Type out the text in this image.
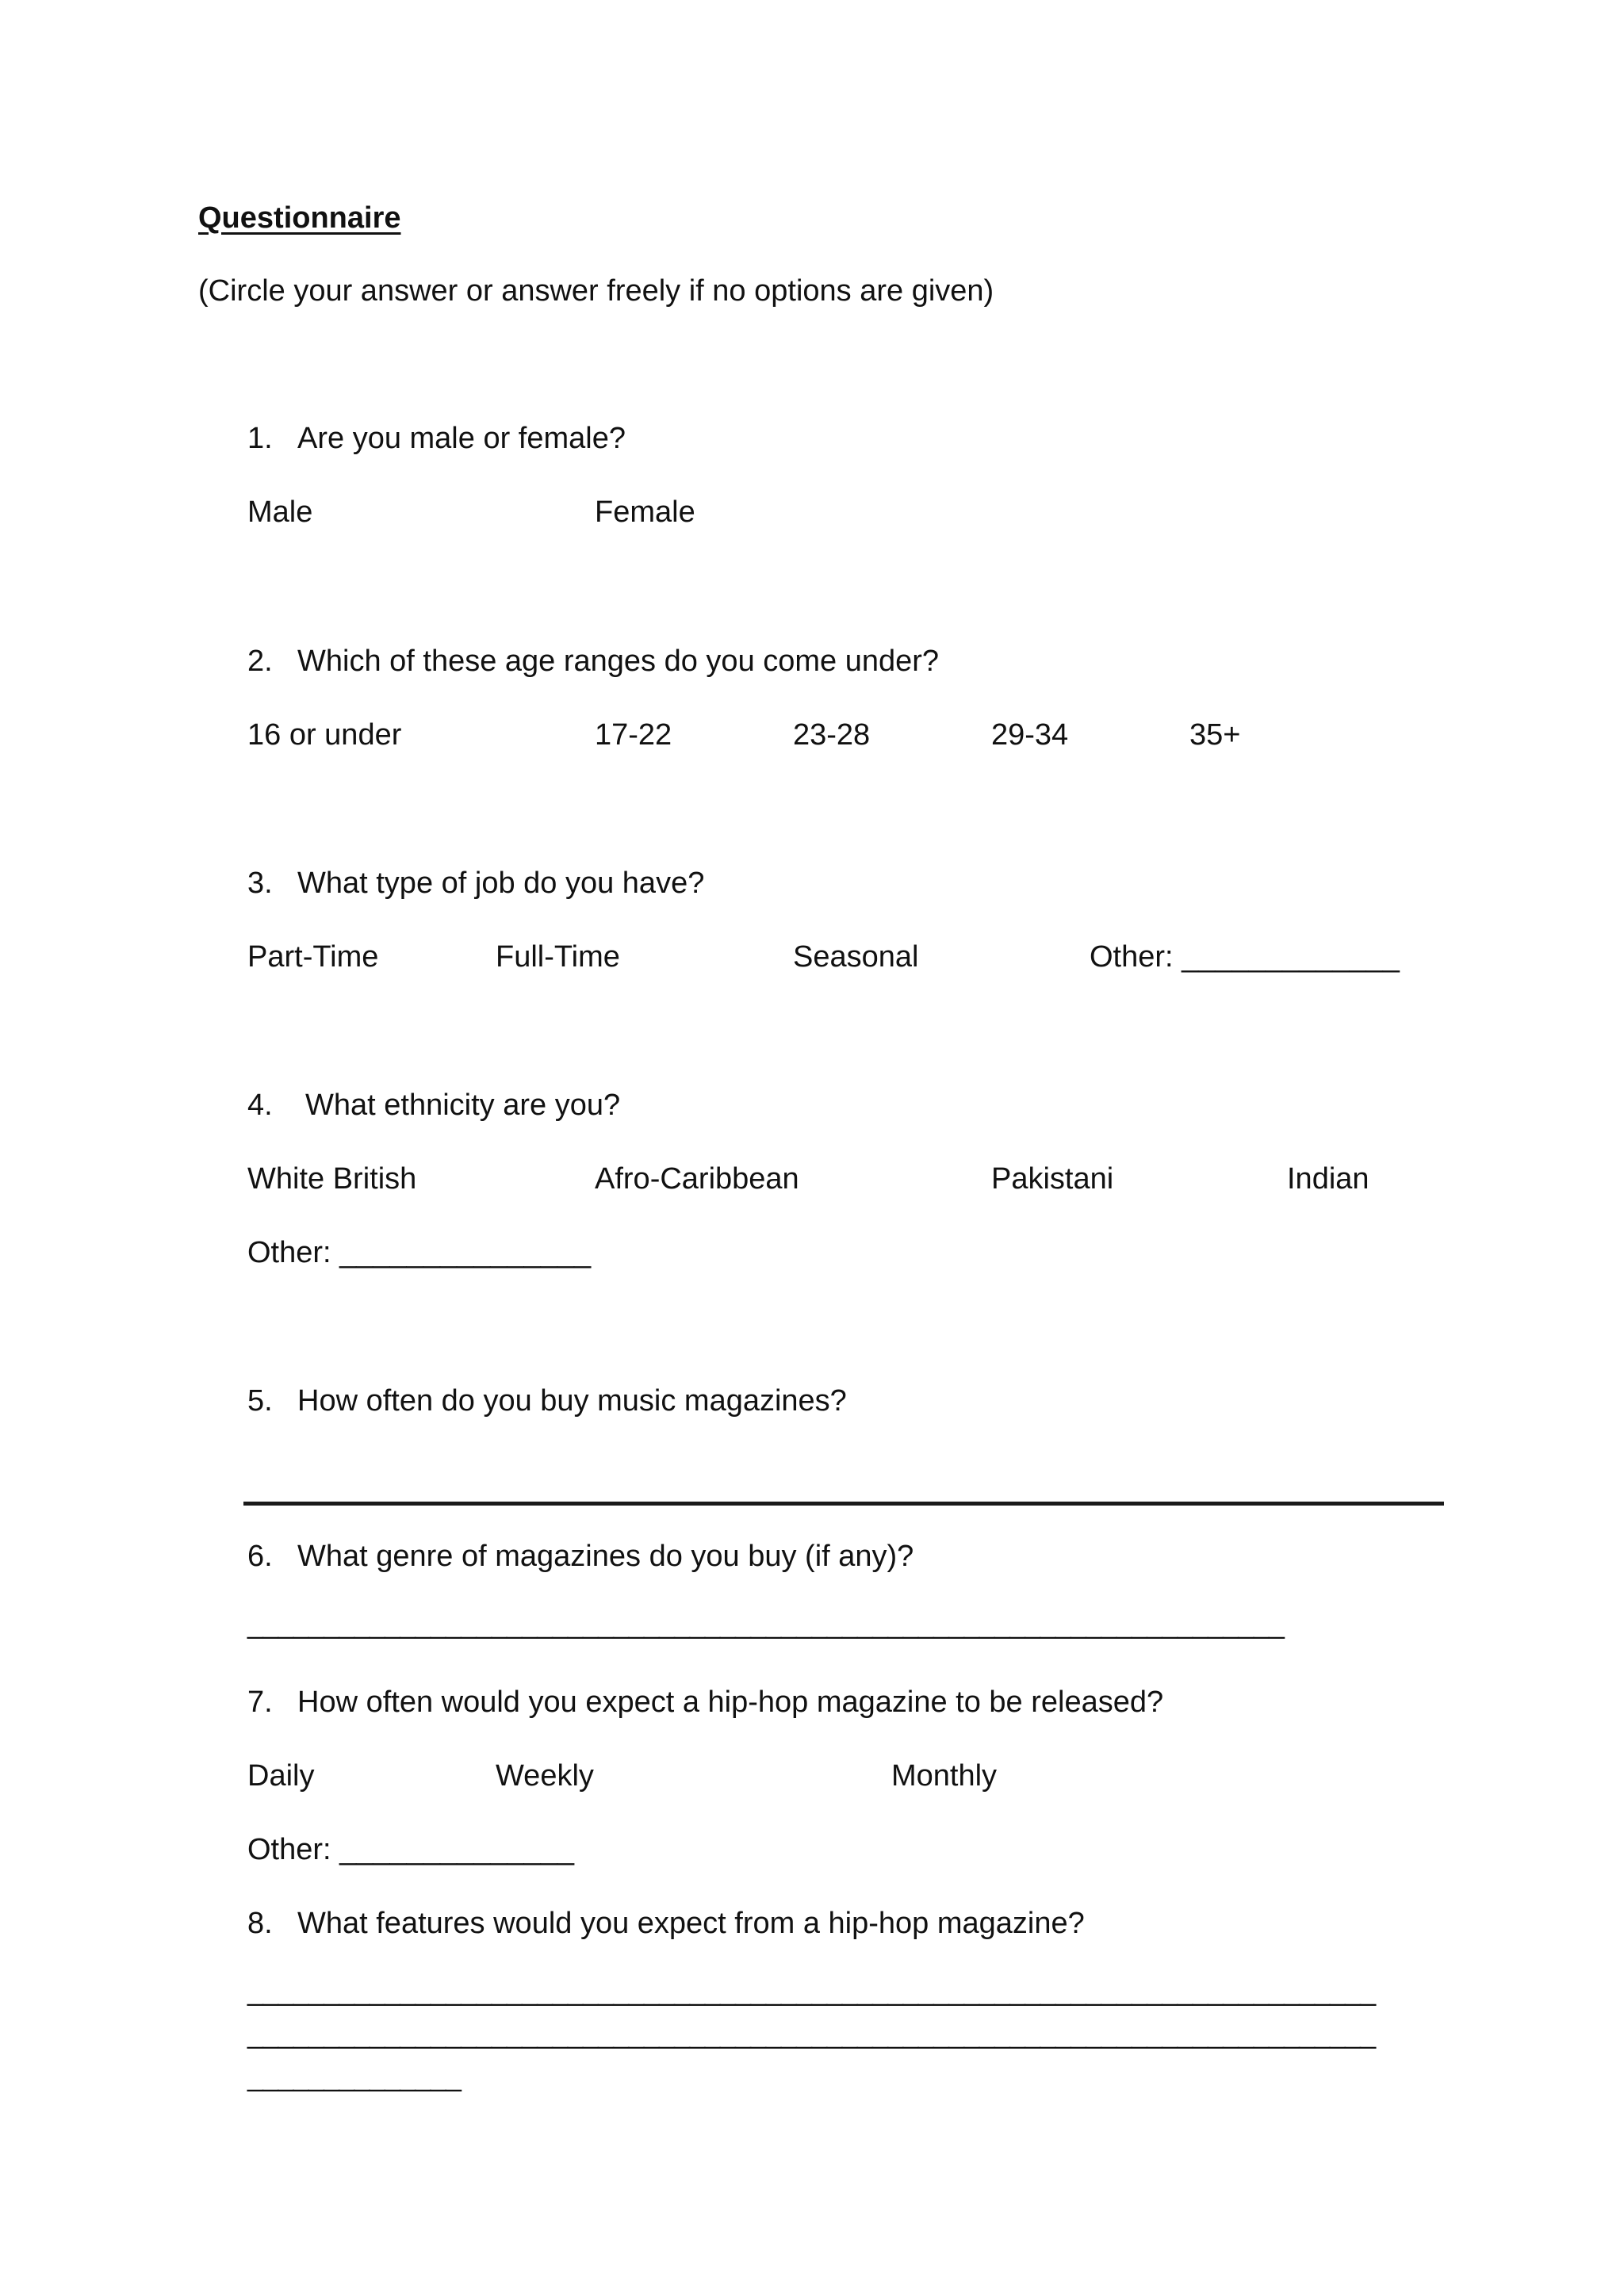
Questionnaire
(Circle your answer or answer freely if no options are given)
1. Are you male or female?
Male	Female
2. Which of these age ranges do you come under?
16 or under	17-22	23-28	29-34	35+
3. What type of job do you have?
Part-Time	Full-Time	Seasonal	Other: _____________
4. What ethnicity are you?
White British	Afro-Caribbean	Pakistani	Indian
Other: _______________
5. How often do you buy music magazines?
6. What genre of magazines do you buy (if any)?
____________________________________________________________________
7. How often would you expect a hip-hop magazine to be released?
Daily	Weekly	Monthly
Other: ______________
8. What features would you expect from a hip-hop magazine?
__________________________________________________________________________
__________________________________________________________________________
______________
